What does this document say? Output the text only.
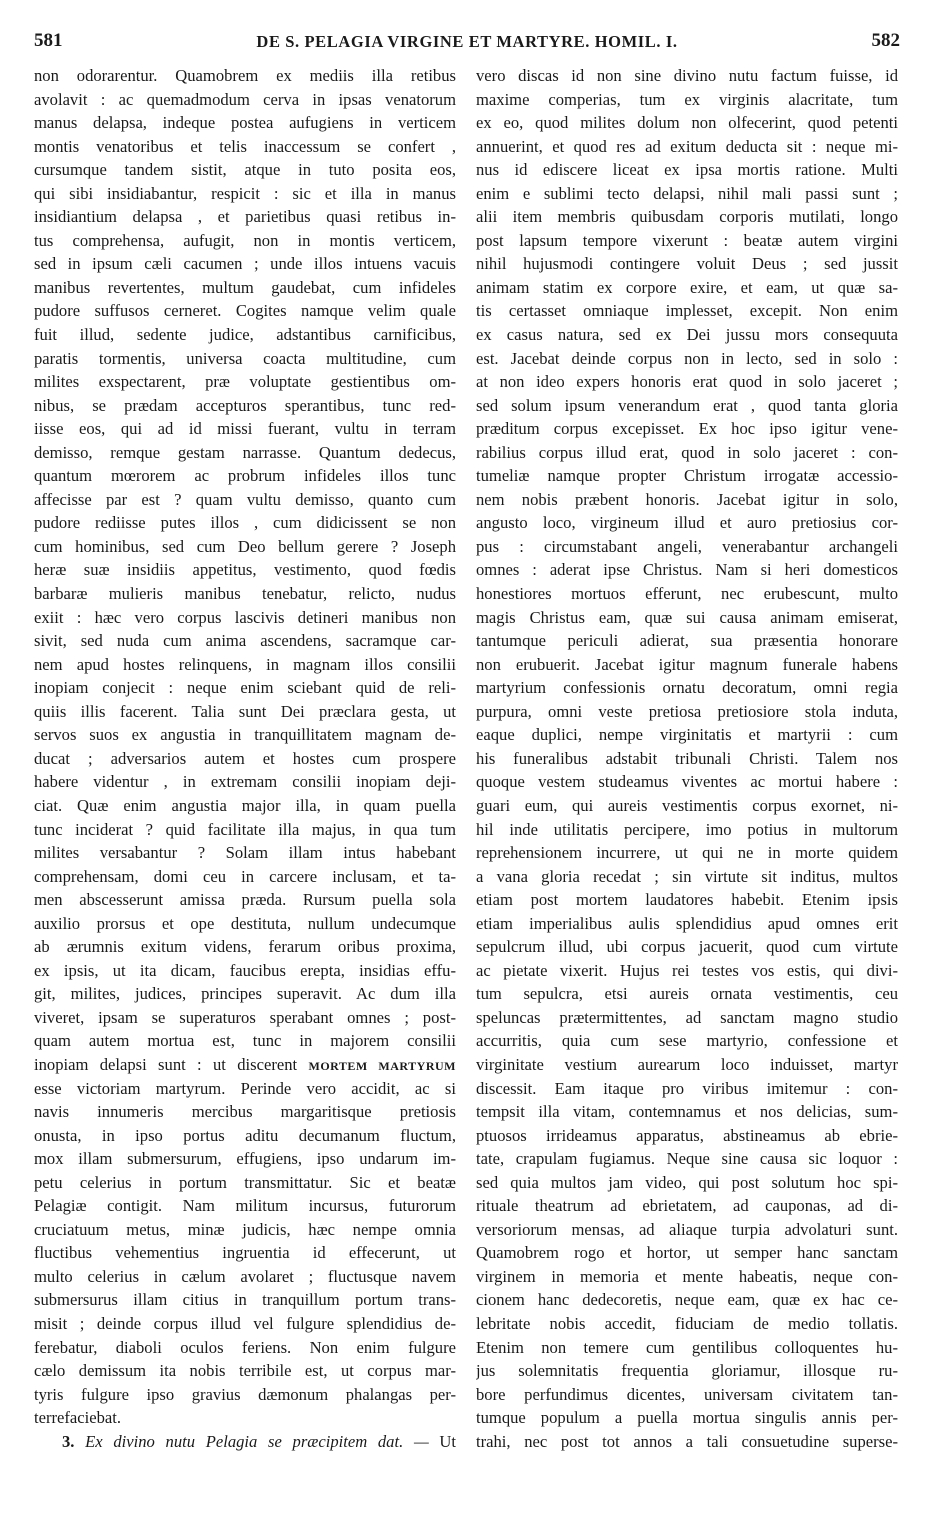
581	DE S. PELAGIA VIRGINE ET MARTYRE. HOMIL. I.	582
non odorarentur. Quamobrem ex mediis illa retibus
avolavit : ac quemadmodum cerva in ipsas venatorum
manus delapsa, indeque postea aufugiens in verticem
montis venatoribus et telis inaccessum se confert ,
cursumque tandem sistit, atque in tuto posita eos,
qui sibi insidiabantur, respicit : sic et illa in manus
insidiantium delapsa , et parietibus quasi retibus in-
tus comprehensa, aufugit, non in montis verticem,
sed in ipsum cæli cacumen ; unde illos intuens vacuis
manibus revertentes, multum gaudebat, cum infideles
pudore suffusos cerneret. Cogites namque velim quale
fuit illud, sedente judice, adstantibus carnificibus,
paratis tormentis, universa coacta multitudine, cum
milites exspectarent, præ voluptate gestientibus om-
nibus, se prædam accepturos sperantibus, tunc red-
iisse eos, qui ad id missi fuerant, vultu in terram
demisso, remque gestam narrasse. Quantum dedecus,
quantum mœrorem ac probrum infideles illos tunc
affecisse par est ? quam vultu demisso, quanto cum
pudore rediisse putes illos , cum didicissent se non
cum hominibus, sed cum Deo bellum gerere ? Joseph
heræ suæ insidiis appetitus, vestimento, quod fœdis
barbaræ mulieris manibus tenebatur, relicto, nudus
exiit : hæc vero corpus lascivis detineri manibus non
sivit, sed nuda cum anima ascendens, sacramque car-
nem apud hostes relinquens, in magnam illos consilii
inopiam conjecit : neque enim sciebant quid de reli-
quiis illis facerent. Talia sunt Dei præclara gesta, ut
servos suos ex angustia in tranquillitatem magnam de-
ducat ; adversarios autem et hostes cum prospere
habere videntur , in extremam consilii inopiam deji-
ciat. Quæ enim angustia major illa, in quam puella
tunc inciderat ? quid facilitate illa majus, in qua tum
milites versabantur ? Solam illam intus habebant
comprehensam, domi ceu in carcere inclusam, et ta-
men abscesserunt amissa præda. Rursum puella sola
auxilio prorsus et ope destituta, nullum undecumque
ab ærumnis exitum videns, ferarum oribus proxima,
ex ipsis, ut ita dicam, faucibus erepta, insidias effu-
git, milites, judices, principes superavit. Ac dum illa
viveret, ipsam se superaturos sperabant omnes ; post-
quam autem mortua est, tunc in majorem consilii
inopiam delapsi sunt : ut discerent MORTEM MARTYRUM
esse victoriam martyrum. Perinde vero accidit, ac si
navis innumeris mercibus margaritisque pretiosis
onusta, in ipso portus aditu decumanum fluctum,
mox illam submersurum, effugiens, ipso undarum im-
petu celerius in portum transmittatur. Sic et beatæ
Pelagiæ contigit. Nam militum incursus, futurorum
cruciatuum metus, minæ judicis, hæc nempe omnia
fluctibus vehementius ingruentia id effecerunt, ut
multo celerius in cælum avolaret ; fluctusque navem
submersurus illam citius in tranquillum portum trans-
misit ; deinde corpus illud vel fulgure splendidius de-
ferebatur, diaboli oculos feriens. Non enim fulgure
cælo demissum ita nobis terribile est, ut corpus mar-
tyris fulgure ipso gravius dæmonum phalangas per-
terrefaciebat.
3. Ex divino nutu Pelagia se præcipitem dat. — Ut
vero discas id non sine divino nutu factum fuisse, id
maxime comperias, tum ex virginis alacritate, tum
ex eo, quod milites dolum non olfecerint, quod petenti
annuerint, et quod res ad exitum deducta sit : neque mi-
nus id ediscere liceat ex ipsa mortis ratione. Multi
enim e sublimi tecto delapsi, nihil mali passi sunt ;
alii item membris quibusdam corporis mutilati, longo
post lapsum tempore vixerunt : beatæ autem virgini
nihil hujusmodi contingere voluit Deus ; sed jussit
animam statim ex corpore exire, et eam, ut quæ sa-
tis certasset omniaque implesset, excepit. Non enim
ex casus natura, sed ex Dei jussu mors consequuta
est. Jacebat deinde corpus non in lecto, sed in solo :
at non ideo expers honoris erat quod in solo jaceret ;
sed solum ipsum venerandum erat , quod tanta gloria
præditum corpus excepisset. Ex hoc ipso igitur vene-
rabilius corpus illud erat, quod in solo jaceret : con-
tumeliæ namque propter Christum irrogatæ accessio-
nem nobis præbent honoris. Jacebat igitur in solo,
angusto loco, virgineum illud et auro pretiosius cor-
pus : circumstabant angeli, venerabantur archangeli
omnes : aderat ipse Christus. Nam si heri domesticos
honestiores mortuos efferunt, nec erubescunt, multo
magis Christus eam, quæ sui causa animam emiserat,
tantumque periculi adierat, sua præsentia honorare
non erubuerit. Jacebat igitur magnum funerale habens
martyrium confessionis ornatu decoratum, omni regia
purpura, omni veste pretiosa pretiosiore stola induta,
eaque duplici, nempe virginitatis et martyrii : cum
his funeralibus adstabit tribunali Christi. Talem nos
quoque vestem studeamus viventes ac mortui habere :
guari eum, qui aureis vestimentis corpus exornet, ni-
hil inde utilitatis percipere, imo potius in multorum
reprehensionem incurrere, ut qui ne in morte quidem
a vana gloria recedat ; sin virtute sit inditus, multos
etiam post mortem laudatores habebit. Etenim ipsis
etiam imperialibus aulis splendidius apud omnes erit
sepulcrum illud, ubi corpus jacuerit, quod cum virtute
ac pietate vixerit. Hujus rei testes vos estis, qui divi-
tum sepulcra, etsi aureis ornata vestimentis, ceu
speluncas prætermittentes, ad sanctam magno studio
accurritis, quia cum sese martyrio, confessione et
virginitate vestium aurearum loco induisset, martyr
discessit. Eam itaque pro viribus imitemur : con-
tempsit illa vitam, contemnamus et nos delicias, sum-
ptuosos irrideamus apparatus, abstineamus ab ebrie-
tate, crapulam fugiamus. Neque sine causa sic loquor :
sed quia multos jam video, qui post solutum hoc spi-
rituale theatrum ad ebrietatem, ad cauponas, ad di-
versoriorum mensas, ad aliaque turpia advolaturi sunt.
Quamobrem rogo et hortor, ut semper hanc sanctam
virginem in memoria et mente habeatis, neque con-
cionem hanc dedecoretis, neque eam, quæ ex hac ce-
lebritate nobis accedit, fiduciam de medio tollatis.
Etenim non temere cum gentilibus colloquentes hu-
jus solemnitatis frequentia gloriamur, illosque ru-
bore perfundimus dicentes, universam civitatem tan-
tumque populum a puella mortua singulis annis per-
trahi, nec post tot annos a tali consuetudine superse-
